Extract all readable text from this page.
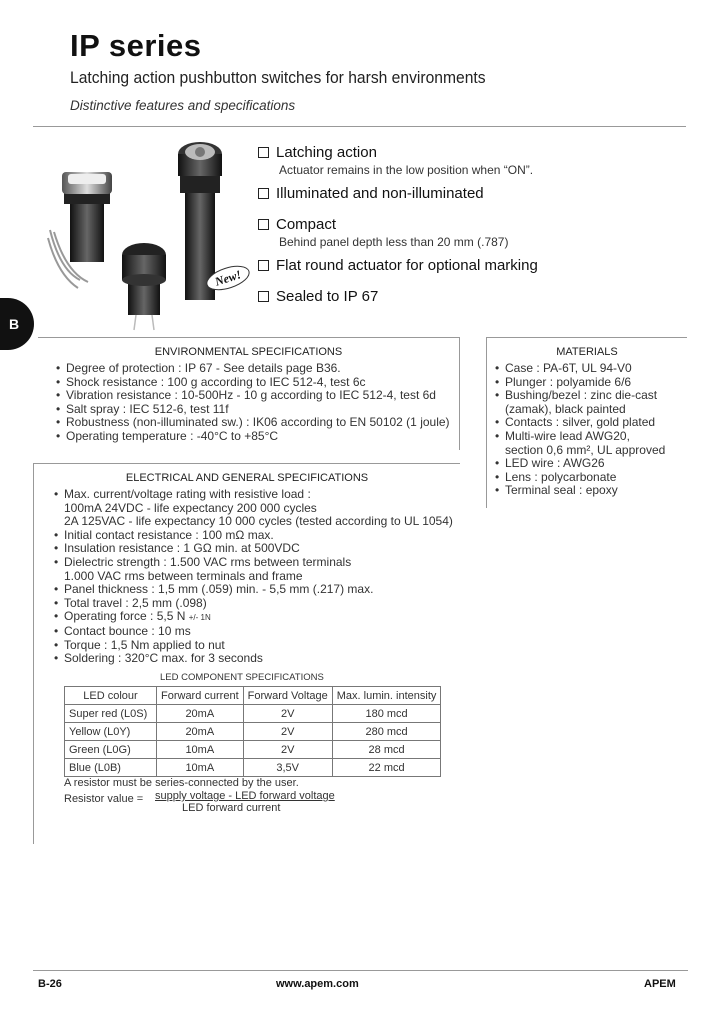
IP series
Latching action pushbutton switches for harsh environments
Distinctive features and specifications
New!
Latching action
Actuator remains in the low position when “ON”.
Illuminated and non-illuminated
Compact
Behind panel depth less than 20 mm (.787)
Flat round actuator for optional marking
Sealed to IP 67
B
ENVIRONMENTAL SPECIFICATIONS
• Degree of protection : IP 67 - See details page B36.
• Shock resistance : 100 g according to IEC 512-4, test 6c
• Vibration resistance : 10-500Hz - 10 g according to IEC 512-4, test 6d
• Salt spray : IEC 512-6, test 11f
• Robustness (non-illuminated sw.) : IK06 according to EN 50102 (1 joule)
• Operating temperature : -40°C to +85°C
MATERIALS
• Case : PA-6T, UL 94-V0
• Plunger : polyamide 6/6
• Bushing/bezel : zinc die-cast
(zamak), black painted
• Contacts : silver, gold plated
• Multi-wire lead AWG20,
section 0,6 mm², UL approved
• LED wire : AWG26
• Lens : polycarbonate
• Terminal seal : epoxy
ELECTRICAL AND GENERAL SPECIFICATIONS
• Max. current/voltage rating with resistive load :
100mA 24VDC - life expectancy 200 000 cycles
2A 125VAC - life expectancy 10 000 cycles (tested according to UL 1054)
• Initial contact resistance : 100 mΩ max.
• Insulation resistance : 1 GΩ min. at 500VDC
• Dielectric strength : 1.500 VAC rms between terminals
1.000 VAC rms between terminals and frame
• Panel thickness : 1,5 mm (.059) min. - 5,5 mm (.217) max.
• Total travel : 2,5 mm (.098)
• Operating force : 5,5 N +/- 1N
• Contact bounce : 10 ms
• Torque : 1,5 Nm applied to nut
• Soldering : 320°C max. for 3 seconds
LED COMPONENT SPECIFICATIONS
LED colour	Forward current	Forward Voltage	Max. lumin. intensity
Super red (L0S)	20mA	2V	180 mcd
Yellow (L0Y)	20mA	2V	280 mcd
Green (L0G)	10mA	2V	28 mcd
Blue (L0B)	10mA	3,5V	22 mcd
A resistor must be series-connected by the user.
Resistor value = supply voltage - LED forward voltage
LED forward current
B-26	www.apem.com	APEM
